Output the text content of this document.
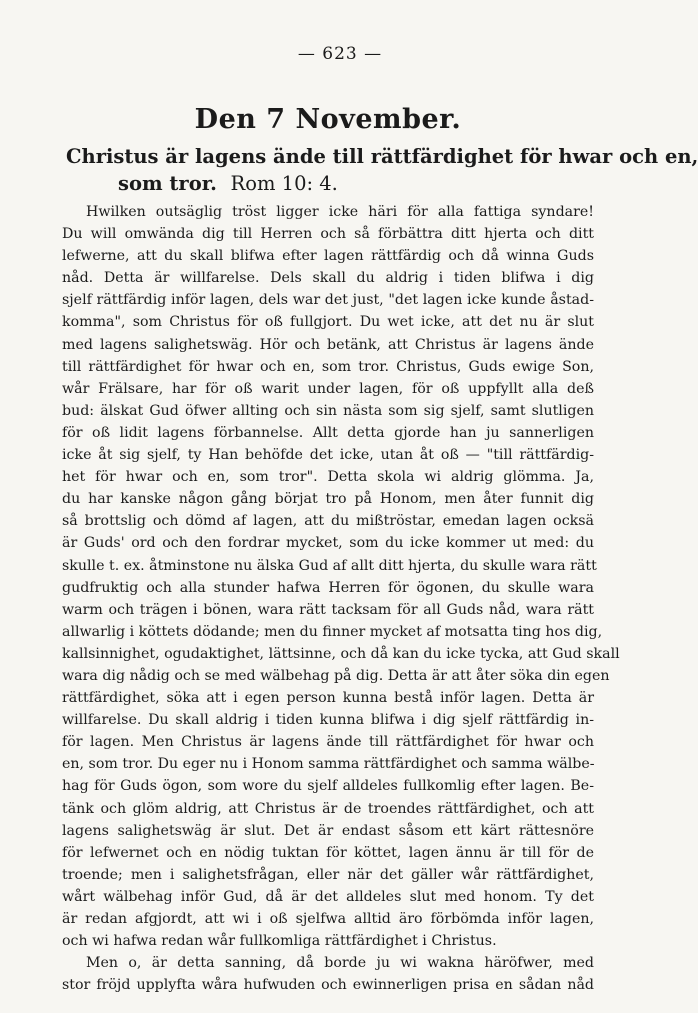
— 623 —
Den 7 November.
Christus är lagens ände till rättfärdighet för hwar och en,
som tror. Rom 10: 4.
Hwilken outsäglig tröst ligger icke häri för alla fattiga syndare!
Du will omwända dig till Herren och så förbättra ditt hjerta och ditt
lefwerne, att du skall blifwa efter lagen rättfärdig och då winna Guds
nåd. Detta är willfarelse. Dels skall du aldrig i tiden blifwa i dig
sjelf rättfärdig inför lagen, dels war det just, "det lagen icke kunde åstad-
komma", som Christus för oß fullgjort. Du wet icke, att det nu är slut
med lagens salighetswäg. Hör och betänk, att Christus är lagens ände
till rättfärdighet för hwar och en, som tror. Christus, Guds ewige Son,
wår Frälsare, har för oß warit under lagen, för oß uppfyllt alla deß
bud: älskat Gud öfwer allting och sin nästa som sig sjelf, samt slutligen
för oß lidit lagens förbannelse. Allt detta gjorde han ju sannerligen
icke åt sig sjelf, ty Han behöfde det icke, utan åt oß — "till rättfärdig-
het för hwar och en, som tror". Detta skola wi aldrig glömma. Ja,
du har kanske någon gång börjat tro på Honom, men åter funnit dig
så brottslig och dömd af lagen, att du mißtröstar, emedan lagen ocksä
är Guds' ord och den fordrar mycket, som du icke kommer ut med: du
skulle t. ex. åtminstone nu älska Gud af allt ditt hjerta, du skulle wara rätt
gudfruktig och alla stunder hafwa Herren för ögonen, du skulle wara
warm och trägen i bönen, wara rätt tacksam för all Guds nåd, wara rätt
allwarlig i köttets dödande; men du finner mycket af motsatta ting hos dig,
kallsinnighet, ogudaktighet, lättsinne, och då kan du icke tycka, att Gud skall
wara dig nådig och se med wälbehag på dig. Detta är att åter söka din egen
rättfärdighet, söka att i egen person kunna bestå inför lagen. Detta är
willfarelse. Du skall aldrig i tiden kunna blifwa i dig sjelf rättfärdig in-
för lagen. Men Christus är lagens ände till rättfärdighet för hwar och
en, som tror. Du eger nu i Honom samma rättfärdighet och samma wälbe-
hag för Guds ögon, som wore du sjelf alldeles fullkomlig efter lagen. Be-
tänk och glöm aldrig, att Christus är de troendes rättfärdighet, och att
lagens salighetswäg är slut. Det är endast såsom ett kärt rättesnöre
för lefwernet och en nödig tuktan för köttet, lagen ännu är till för de
troende; men i salighetsfrågan, eller när det gäller wår rättfärdighet,
wårt wälbehag inför Gud, då är det alldeles slut med honom. Ty det
är redan afgjordt, att wi i oß sjelfwa alltid äro förbömda inför lagen,
och wi hafwa redan wår fullkomliga rättfärdighet i Christus.
Men o, är detta sanning, då borde ju wi wakna häröfwer, med
stor fröjd upplyfta wåra hufwuden och ewinnerligen prisa en sådan nåd
